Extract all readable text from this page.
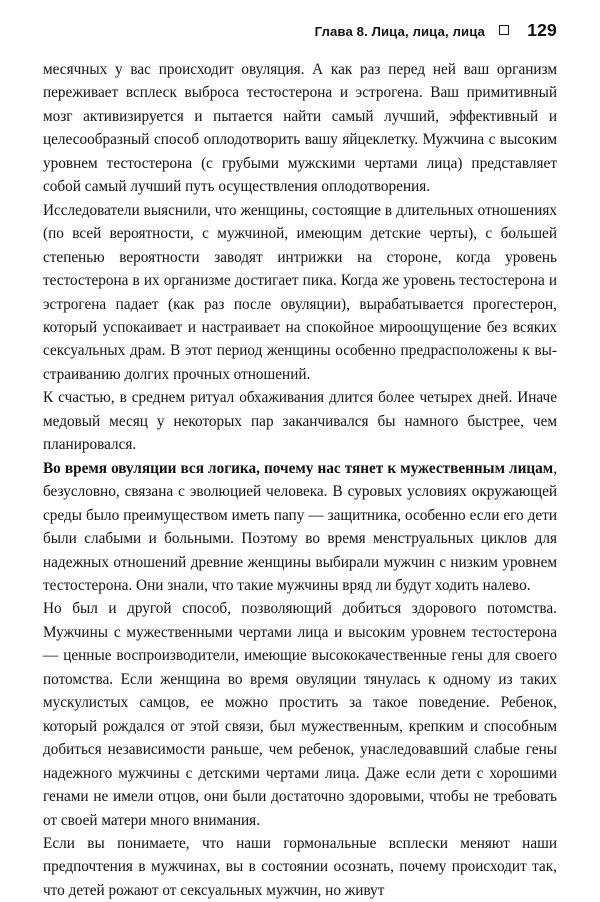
Глава 8. Лица, лица, лица 129

месячных у вас происходит овуляция. А как раз перед ней ваш организм переживает всплеск выброса тестостерона и эстрогена. Ваш примитивный мозг активизируется и пытается найти самый лучший, эффективный и целесообразный способ оплодотворить вашу яйцеклетку. Мужчина с высоким уровнем тестостерона (с грубыми мужскими чертами лица) представляет собой самый лучший путь осуществления оплодотворения.

Исследователи выяснили, что женщины, состоящие в длительных отношениях (по всей вероятности, с мужчиной, имеющим детские черты), с большей степенью вероятности заводят интрижки на стороне, когда уровень тестостерона в их организме достигает пика. Когда же уровень тестостерона и эстрогена падает (как раз после овуляции), вырабатывается прогестерон, который успокаивает и настраивает на спокойное мироощущение без всяких сексуальных драм. В этот период женщины особенно предрасположены к выстраиванию долгих прочных отношений.

К счастью, в среднем ритуал обхаживания длится более четырех дней. Иначе медовый месяц у некоторых пар заканчивался бы намного быстрее, чем планировался.

Во время овуляции вся логика, почему нас тянет к мужественным лицам, безусловно, связана с эволюцией человека. В суровых условиях окружающей среды было преимуществом иметь папу — защитника, особенно если его дети были слабыми и больными. Поэтому во время менструальных циклов для надежных отношений древние женщины выбирали мужчин с низким уровнем тестостерона. Они знали, что такие мужчины вряд ли будут ходить налево.

Но был и другой способ, позволяющий добиться здорового потомства. Мужчины с мужественными чертами лица и высоким уровнем тестостерона — ценные воспроизводители, имеющие высококачественные гены для своего потомства. Если женщина во время овуляции тянулась к одному из таких мускулистых самцов, ее можно простить за такое поведение. Ребенок, который рождался от этой связи, был мужественным, крепким и способным добиться независимости раньше, чем ребенок, унаследовавший слабые гены надежного мужчины с детскими чертами лица. Даже если дети с хорошими генами не имели отцов, они были достаточно здоровыми, чтобы не требовать от своей матери много внимания.

Если вы понимаете, что наши гормональные всплески меняют наши предпочтения в мужчинах, вы в состоянии осознать, почему происходит так, что детей рожают от сексуальных мужчин, но живут
